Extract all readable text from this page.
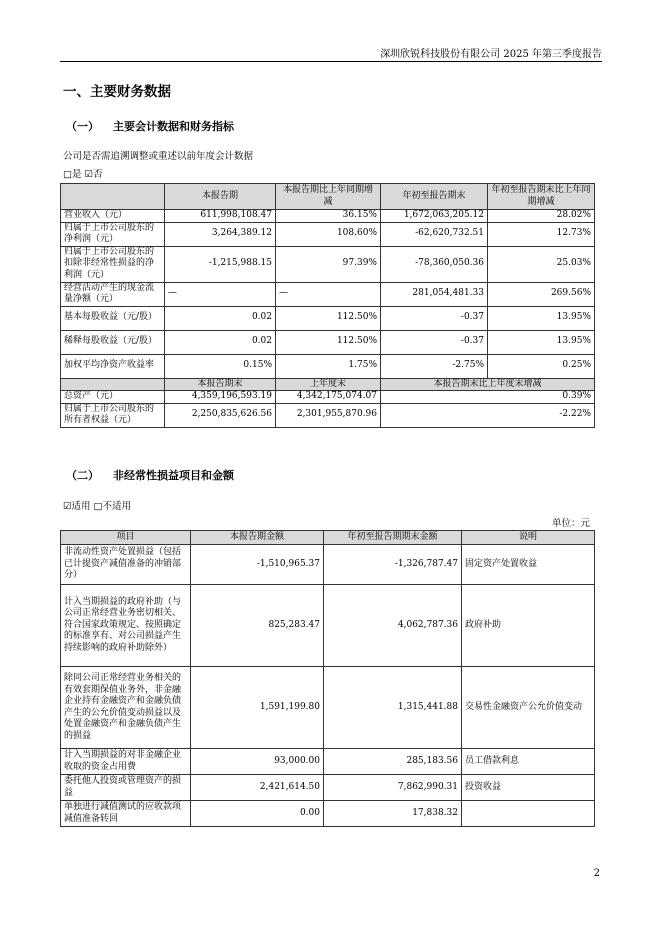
深圳欣锐科技股份有限公司 2025 年第三季度报告
一、主要财务数据
（一） 主要会计数据和财务指标
公司是否需追溯调整或重述以前年度会计数据
□是 ☑否
	本报告期	本报告期比上年同期增减	年初至报告期末	年初至报告期末比上年同期增减
营业收入（元）	611,998,108.47	36.15%	1,672,063,205.12	28.02%
归属于上市公司股东的净利润（元）	3,264,389.12	108.60%	-62,620,732.51	12.73%
归属于上市公司股东的扣除非经常性损益的净利润（元）	-1,215,988.15	97.39%	-78,360,050.36	25.03%
经营活动产生的现金流量净额（元）	—	—	281,054,481.33	269.56%
基本每股收益（元/股）	0.02	112.50%	-0.37	13.95%
稀释每股收益（元/股）	0.02	112.50%	-0.37	13.95%
加权平均净资产收益率	0.15%	1.75%	-2.75%	0.25%
	本报告期末	上年度末	本报告期末比上年度末增减	
总资产（元）	4,359,196,593.19	4,342,175,074.07	0.39%	
归属于上市公司股东的所有者权益（元）	2,250,835,626.56	2,301,955,870.96	-2.22%	
（二） 非经常性损益项目和金额
☑适用 □不适用
单位：元
项目	本报告期金额	年初至报告期期末金额	说明
非流动性资产处置损益（包括已计提资产减值准备的冲销部分）	-1,510,965.37	-1,326,787.47	固定资产处置收益
计入当期损益的政府补助（与公司正常经营业务密切相关、符合国家政策规定、按照确定的标准享有、对公司损益产生持续影响的政府补助除外）	825,283.47	4,062,787.36	政府补助
除同公司正常经营业务相关的有效套期保值业务外，非金融企业持有金融资产和金融负债产生的公允价值变动损益以及处置金融资产和金融负债产生的损益	1,591,199.80	1,315,441.88	交易性金融资产公允价值变动
计入当期损益的对非金融企业收取的资金占用费	93,000.00	285,183.56	员工借款利息
委托他人投资或管理资产的损益	2,421,614.50	7,862,990.31	投资收益
单独进行减值测试的应收款项减值准备转回	0.00	17,838.32	
2
